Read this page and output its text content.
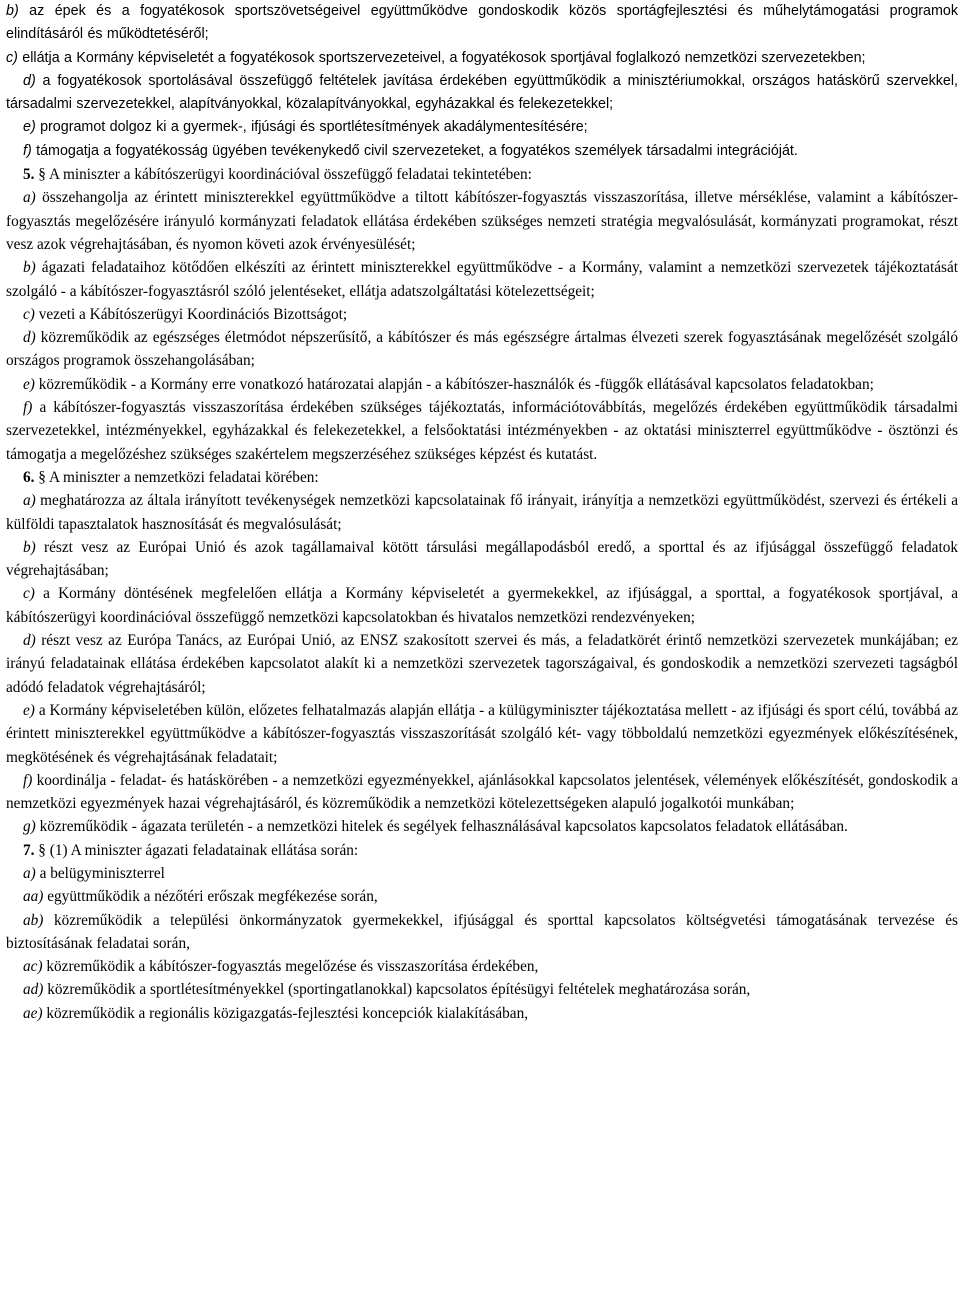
b) az épek és a fogyatékosok sportszövetségeivel együttműködve gondoskodik közös sportágfejlesztési és műhelytámogatási programok elindításáról és működtetéséről;

c) ellátja a Kormány képviseletét a fogyatékosok sportszervezeteivel, a fogyatékosok sportjával foglalkozó nemzetközi szervezetekben;

d) a fogyatékosok sportolásával összefüggő feltételek javítása érdekében együttműködik a minisztériumokkal, országos hatáskörű szervekkel, társadalmi szervezetekkel, alapítványokkal, közalapítványokkal, egyházakkal és felekezetekkel;

e) programot dolgoz ki a gyermek-, ifjúsági és sportlétesítmények akadálymentesítésére;

f) támogatja a fogyatékosság ügyében tevékenykedő civil szervezeteket, a fogyatékos személyek társadalmi integrációját.

5. § A miniszter a kábítószerügyi koordinációval összefüggő feladatai tekintetében:

a) összehangolja az érintett miniszterekkel együttműködve a tiltott kábítószer-fogyasztás visszaszorítása, illetve mérséklése, valamint a kábítószer-fogyasztás megelőzésére irányuló kormányzati feladatok ellátása érdekében szükséges nemzeti stratégia megvalósulását, kormányzati programokat, részt vesz azok végrehajtásában, és nyomon követi azok érvényesülését;

b) ágazati feladataihoz kötődően elkészíti az érintett miniszterekkel együttműködve - a Kormány, valamint a nemzetközi szervezetek tájékoztatását szolgáló - a kábítószer-fogyasztásról szóló jelentéseket, ellátja adatszolgáltatási kötelezettségeit;

c) vezeti a Kábítószerügyi Koordinációs Bizottságot;

d) közreműködik az egészséges életmódot népszerűsítő, a kábítószer és más egészségre ártalmas élvezeti szerek fogyasztásának megelőzését szolgáló országos programok összehangolásában;

e) közreműködik - a Kormány erre vonatkozó határozatai alapján - a kábítószer-használók és -függők ellátásával kapcsolatos feladatokban;

f) a kábítószer-fogyasztás visszaszorítása érdekében szükséges tájékoztatás, információtovábbítás, megelőzés érdekében együttműködik társadalmi szervezetekkel, intézményekkel, egyházakkal és felekezetekkel, a felsőoktatási intézményekben - az oktatási miniszterrel együttműködve - ösztönzi és támogatja a megelőzéshez szükséges szakértelem megszerzéséhez szükséges képzést és kutatást.

6. § A miniszter a nemzetközi feladatai körében:

a) meghatározza az általa irányított tevékenységek nemzetközi kapcsolatainak fő irányait, irányítja a nemzetközi együttműködést, szervezi és értékeli a külföldi tapasztalatok hasznosítását és megvalósulását;

b) részt vesz az Európai Unió és azok tagállamaival kötött társulási megállapodásból eredő, a sporttal és az ifjúsággal összefüggő feladatok végrehajtásában;

c) a Kormány döntésének megfelelően ellátja a Kormány képviseletét a gyermekekkel, az ifjúsággal, a sporttal, a fogyatékosok sportjával, a kábítószerügyi koordinációval összefüggő nemzetközi kapcsolatokban és hivatalos nemzetközi rendezvényeken;

d) részt vesz az Európa Tanács, az Európai Unió, az ENSZ szakosított szervei és más, a feladatkörét érintő nemzetközi szervezetek munkájában; ez irányú feladatainak ellátása érdekében kapcsolatot alakít ki a nemzetközi szervezetek tagországaival, és gondoskodik a nemzetközi szervezeti tagságból adódó feladatok végrehajtásáról;

e) a Kormány képviseletében külön, előzetes felhatalmazás alapján ellátja - a külügyminiszter tájékoztatása mellett - az ifjúsági és sport célú, továbbá az érintett miniszterekkel együttműködve a kábítószer-fogyasztás visszaszorítását szolgáló két- vagy többoldalú nemzetközi egyezmények előkészítésének, megkötésének és végrehajtásának feladatait;

f) koordinálja - feladat- és hatáskörében - a nemzetközi egyezményekkel, ajánlásokkal kapcsolatos jelentések, vélemények előkészítését, gondoskodik a nemzetközi egyezmények hazai végrehajtásáról, és közreműködik a nemzetközi kötelezettségeken alapuló jogalkotói munkában;

g) közreműködik - ágazata területén - a nemzetközi hitelek és segélyek felhasználásával kapcsolatos kapcsolatos feladatok ellátásában.

7. § (1) A miniszter ágazati feladatainak ellátása során:

a) a belügyminiszterrel

aa) együttműködik a nézőtéri erőszak megfékezése során,

ab) közreműködik a települési önkormányzatok gyermekekkel, ifjúsággal és sporttal kapcsolatos költségvetési támogatásának tervezése és biztosításának feladatai során,

ac) közreműködik a kábítószer-fogyasztás megelőzése és visszaszorítása érdekében,

ad) közreműködik a sportlétesítményekkel (sportingatlanokkal) kapcsolatos építésügyi feltételek meghatározása során,

ae) közreműködik a regionális közigazgatás-fejlesztési koncepciók kialakításában,
